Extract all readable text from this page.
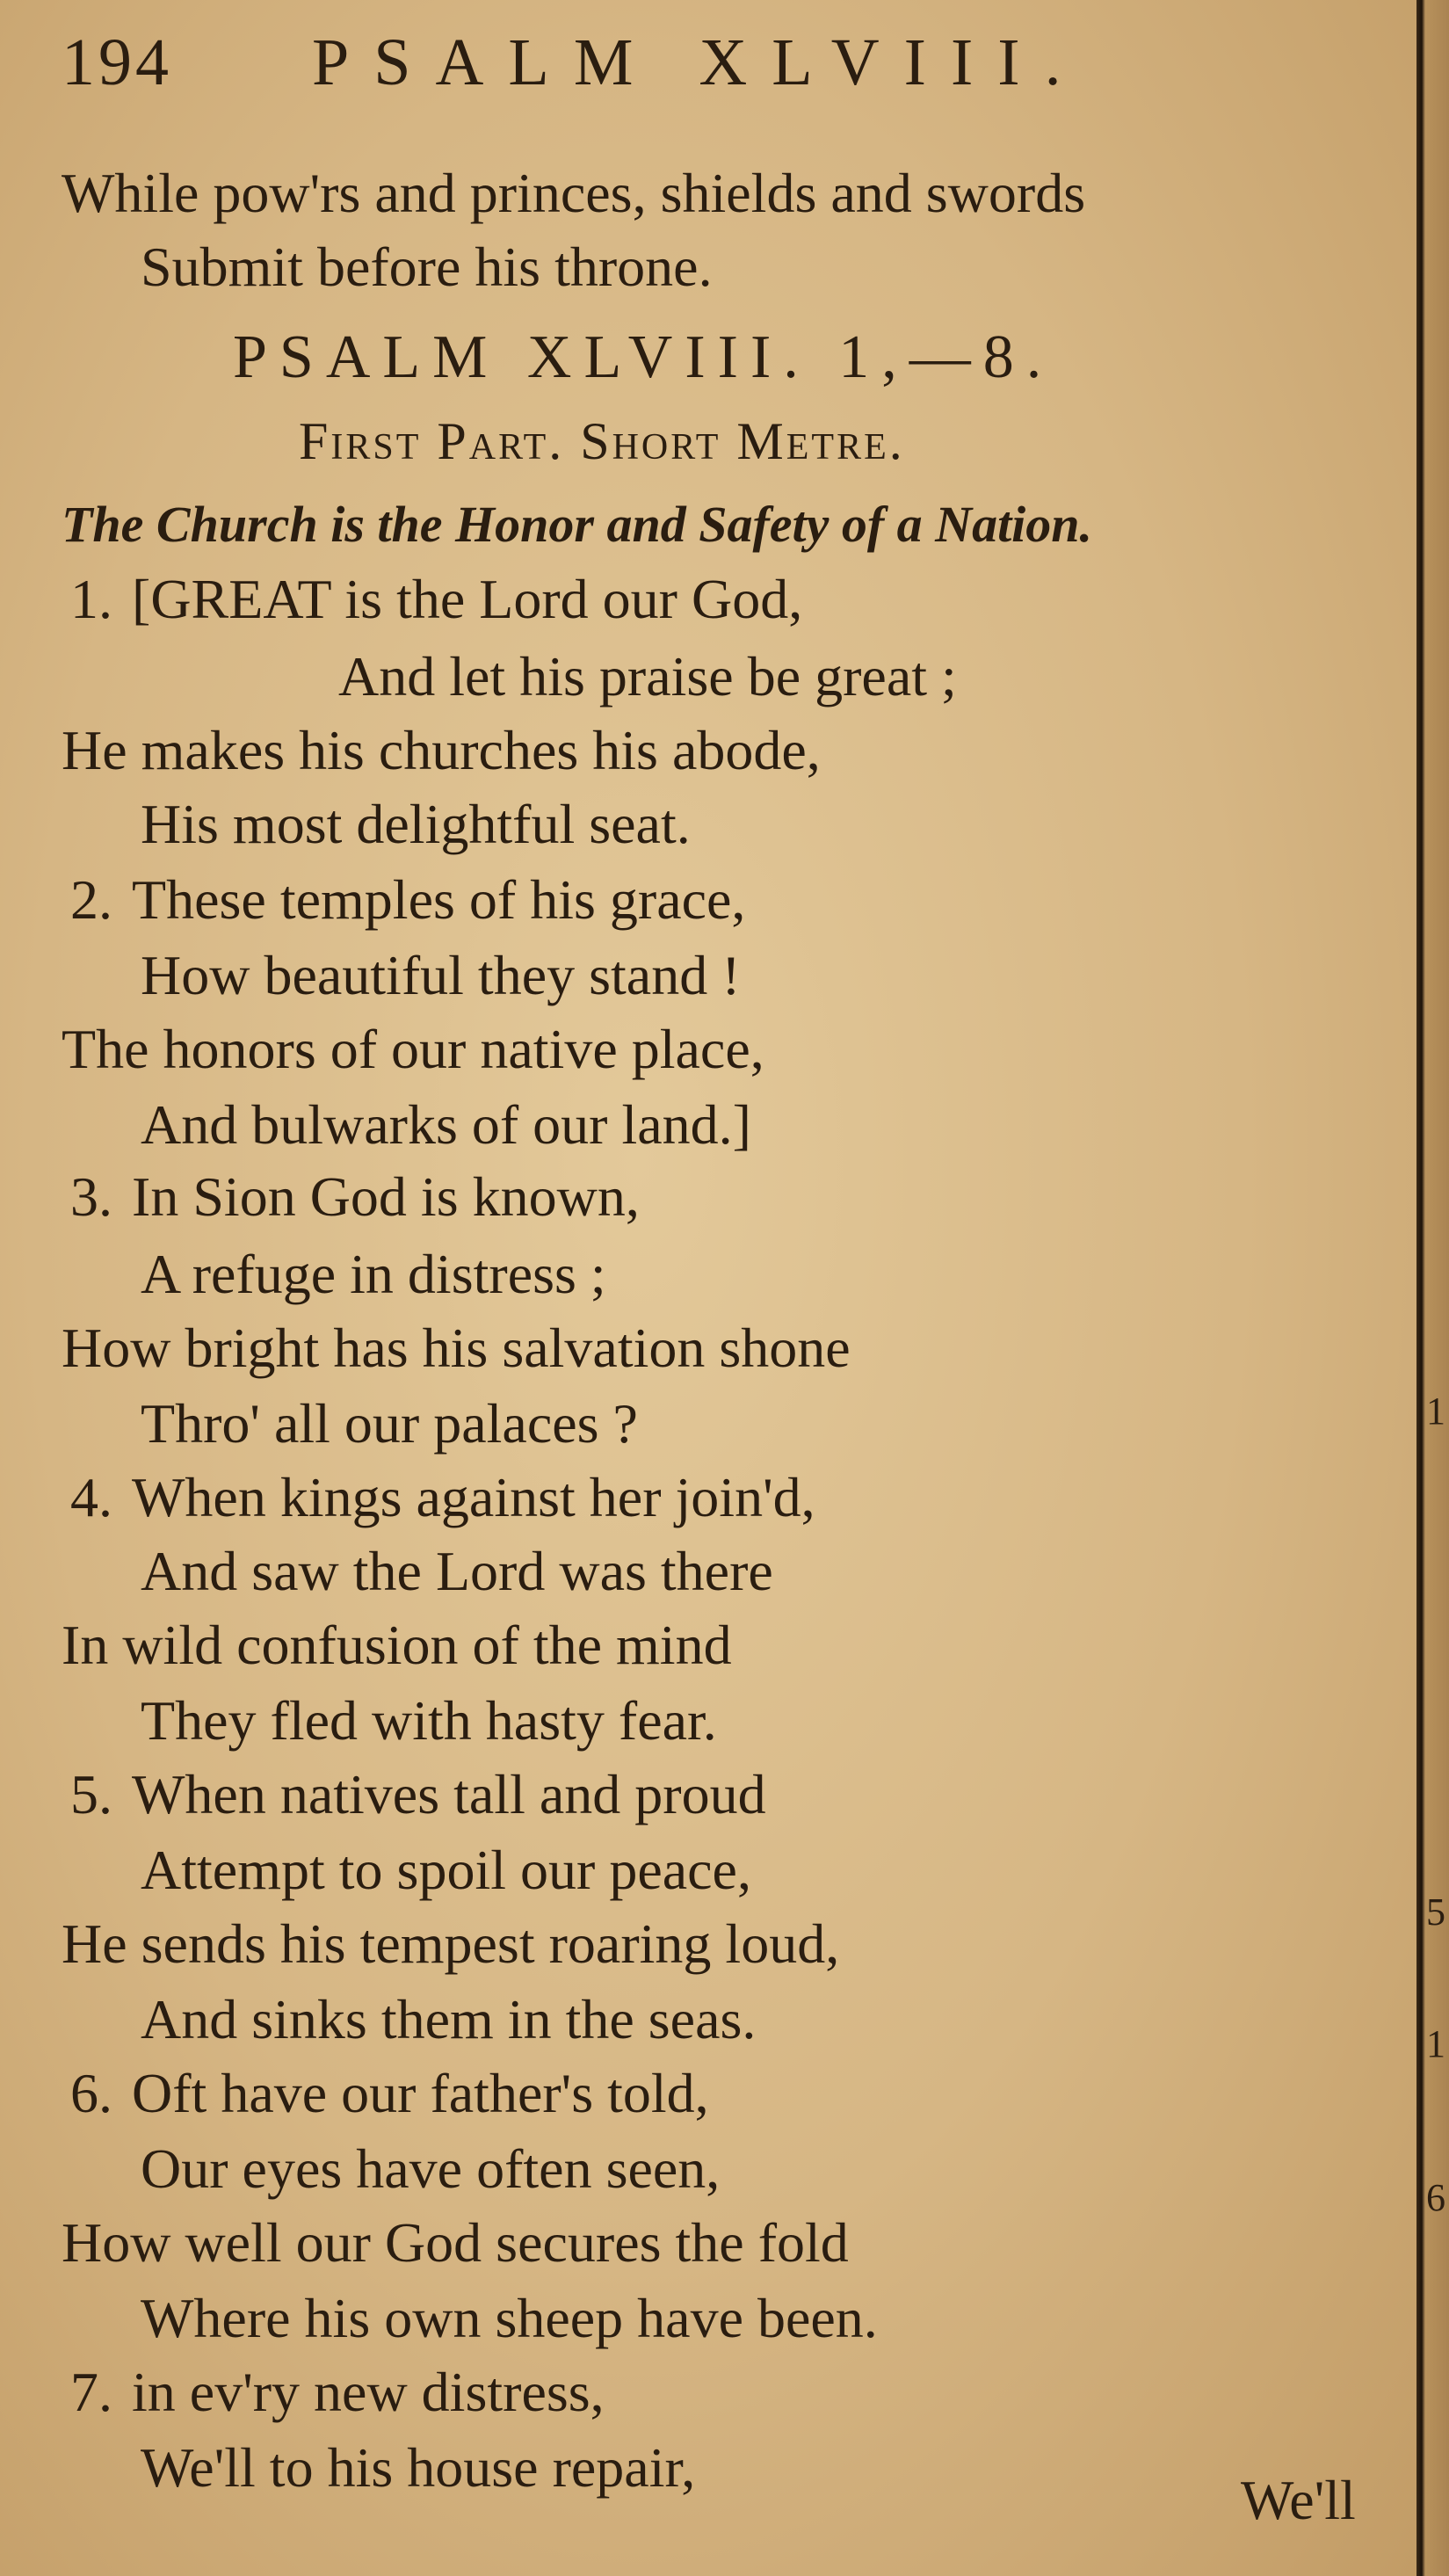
1
5
1
6
194 PSALM XLVIII.
While pow'rs and princes, shields and swords
Submit before his throne.
PSALM XLVIII. 1,—8.
First Part. Short Metre.
The Church is the Honor and Safety of a Nation.
1. [GREAT is the Lord our God,
And let his praise be great ;
He makes his churches his abode,
His most delightful seat.
2. These temples of his grace,
How beautiful they stand !
The honors of our native place,
And bulwarks of our land.]
3. In Sion God is known,
A refuge in distress ;
How bright has his salvation shone
Thro' all our palaces ?
4. When kings against her join'd,
And saw the Lord was there
In wild confusion of the mind
They fled with hasty fear.
5. When natives tall and proud
Attempt to spoil our peace,
He sends his tempest roaring loud,
And sinks them in the seas.
6. Oft have our father's told,
Our eyes have often seen,
How well our God secures the fold
Where his own sheep have been.
7. in ev'ry new distress,
We'll to his house repair,
We'll
